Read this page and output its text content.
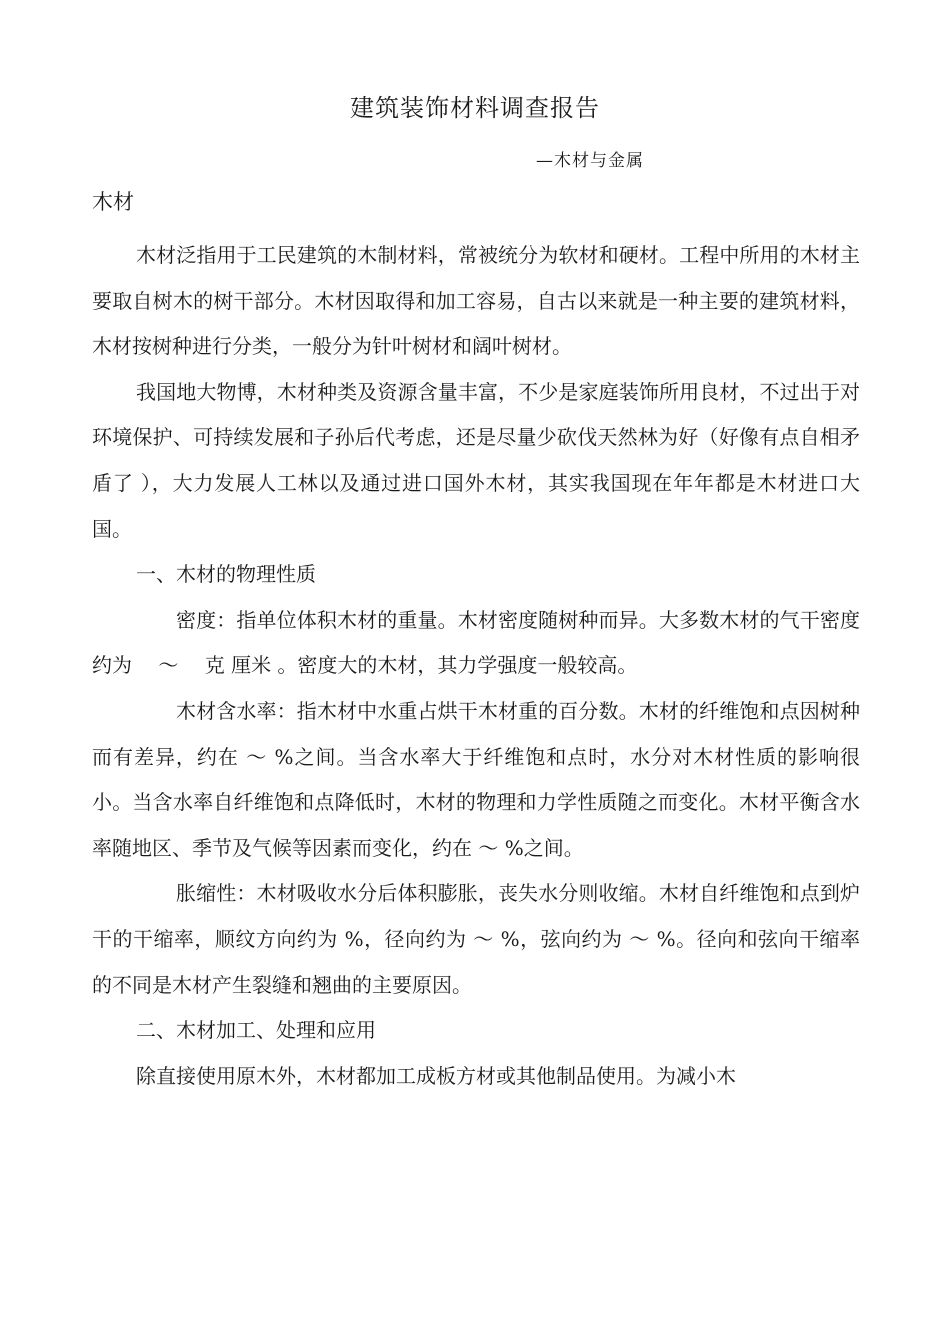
建筑装饰材料调查报告
—木材与金属
木材

木材泛指用于工民建筑的木制材料，常被统分为软材和硬材。工程中所用的木材主要取自树木的树干部分。木材因取得和加工容易，自古以来就是一种主要的建筑材料，木材按树种进行分类，一般分为针叶树材和阔叶树材。

我国地大物博，木材种类及资源含量丰富，不少是家庭装饰所用良材，不过出于对环境保护、可持续发展和子孙后代考虑，还是尽量少砍伐天然林为好（好像有点自相矛盾了 ），大力发展人工林以及通过进口国外木材，其实我国现在年年都是木材进口大国。

一、木材的物理性质

密度：指单位体积木材的重量。木材密度随树种而异。大多数木材的气干密度约为 　～ 　克 厘米 。密度大的木材，其力学强度一般较高。

木材含水率：指木材中水重占烘干木材重的百分数。木材的纤维饱和点因树种而有差异，约在 ～ %之间。当含水率大于纤维饱和点时，水分对木材性质的影响很小。当含水率自纤维饱和点降低时，木材的物理和力学性质随之而变化。木材平衡含水率随地区、季节及气候等因素而变化，约在 ～ %之间。

胀缩性：木材吸收水分后体积膨胀，丧失水分则收缩。木材自纤维饱和点到炉干的干缩率，顺纹方向约为 %，径向约为 ～ %，弦向约为 ～ %。径向和弦向干缩率的不同是木材产生裂缝和翘曲的主要原因。

二、木材加工、处理和应用

除直接使用原木外，木材都加工成板方材或其他制品使用。为减小木
